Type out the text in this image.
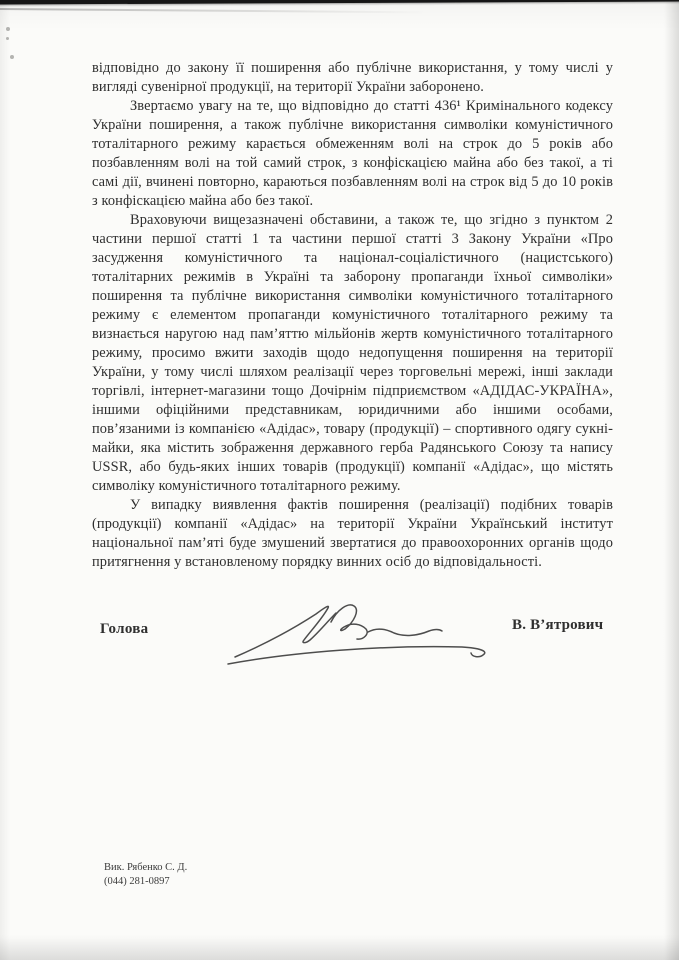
відповідно до закону її поширення або публічне використання, у тому числі у вигляді сувенірної продукції, на території України заборонено.

Звертаємо увагу на те, що відповідно до статті 436¹ Кримінального кодексу України поширення, а також публічне використання символіки комуністичного тоталітарного режиму карається обмеженням волі на строк до 5 років або позбавленням волі на той самий строк, з конфіскацією майна або без такої, а ті самі дії, вчинені повторно, караються позбавленням волі на строк від 5 до 10 років з конфіскацією майна або без такої.

Враховуючи вищезазначені обставини, а також те, що згідно з пунктом 2 частини першої статті 1 та частини першої статті 3 Закону України «Про засудження комуністичного та націонал-соціалістичного (нацистського) тоталітарних режимів в Україні та заборону пропаганди їхньої символіки» поширення та публічне використання символіки комуністичного тоталітарного режиму є елементом пропаганди комуністичного тоталітарного режиму та визнається наругою над пам’яттю мільйонів жертв комуністичного тоталітарного режиму, просимо вжити заходів щодо недопущення поширення на території України, у тому числі шляхом реалізації через торговельні мережі, інші заклади торгівлі, інтернет-магазини тощо Дочірнім підприємством «АДІДАС-УКРАЇНА», іншими офіційними представникам, юридичними або іншими особами, пов’язаними із компанією «Адідас», товару (продукції) – спортивного одягу сукні-майки, яка містить зображення державного герба Радянського Союзу та напису USSR, або будь-яких інших товарів (продукції) компанії «Адідас», що містять символіку комуністичного тоталітарного режиму.

У випадку виявлення фактів поширення (реалізації) подібних товарів (продукції) компанії «Адідас» на території України Український інститут національної пам’яті буде змушений звертатися до правоохоронних органів щодо притягнення у встановленому порядку винних осіб до відповідальності.

Голова	В. В’ятрович
Вик. Рябенко С. Д.
(044) 281-0897
